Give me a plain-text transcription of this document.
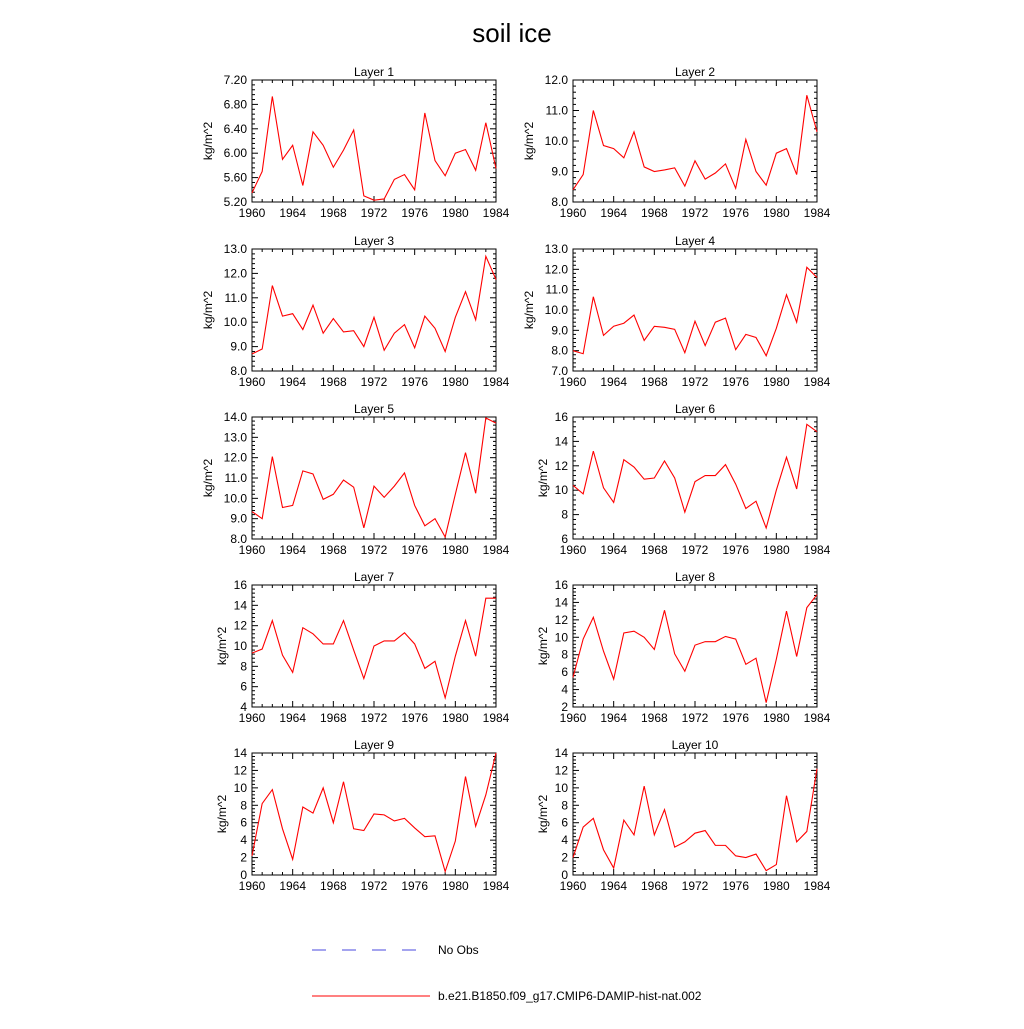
soil ice
Layer 1
1960 1964 1968 1972 1976 1980 1984
5.20
5.60
6.00
6.40
6.80
7.20
kg/m^2
Layer 2
1960 1964 1968 1972 1976 1980 1984
8.0
9.0
10.0
11.0
12.0
kg/m^2
Layer 3
1960 1964 1968 1972 1976 1980 1984
8.0
9.0
10.0
11.0
12.0
13.0
kg/m^2
Layer 4
1960 1964 1968 1972 1976 1980 1984
7.0
8.0
9.0
10.0
11.0
12.0
13.0
kg/m^2
Layer 5
1960 1964 1968 1972 1976 1980 1984
8.0
9.0
10.0
11.0
12.0
13.0
14.0
kg/m^2
Layer 6
1960 1964 1968 1972 1976 1980 1984
6
8
10
12
14
16
kg/m^2
Layer 7
1960 1964 1968 1972 1976 1980 1984
4
6
8
10
12
14
16
kg/m^2
Layer 8
1960 1964 1968 1972 1976 1980 1984
2
4
6
8
10
12
14
16
kg/m^2
Layer 9
1960 1964 1968 1972 1976 1980 1984
0
2
4
6
8
10
12
14
kg/m^2
Layer 10
1960 1964 1968 1972 1976 1980 1984
0
2
4
6
8
10
12
14
kg/m^2
No Obs
b.e21.B1850.f09_g17.CMIP6-DAMIP-hist-nat.002
